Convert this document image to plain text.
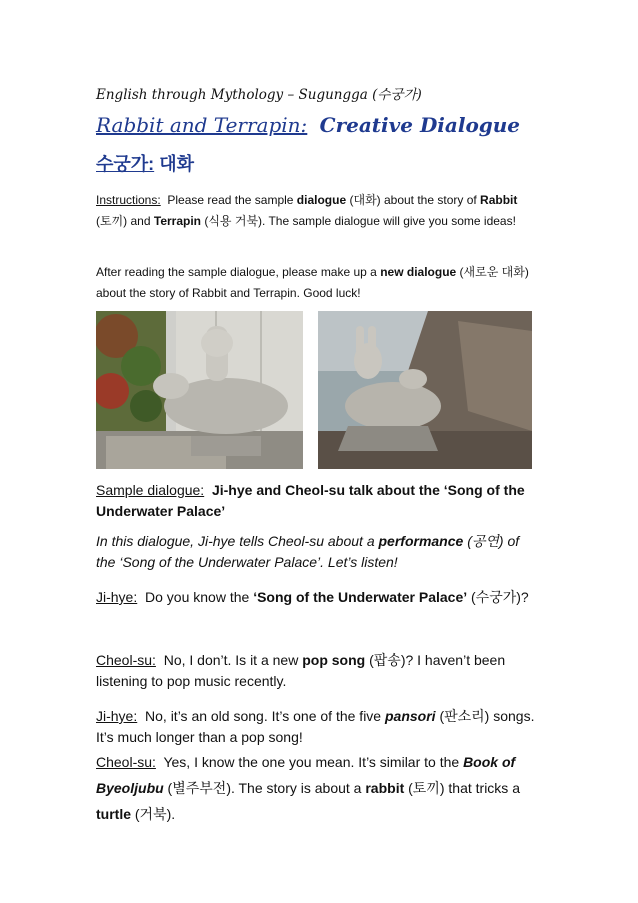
English through Mythology – Sugungga (수궁가)
Rabbit and Terrapin: Creative Dialogue
수궁가: 대화

Instructions: Please read the sample dialogue (대화) about the story of Rabbit (토끼) and Terrapin (식용 거북). The sample dialogue will give you some ideas!

After reading the sample dialogue, please make up a new dialogue (새로운 대화) about the story of Rabbit and Terrapin. Good luck!

Sample dialogue: Ji-hye and Cheol-su talk about the ‘Song of the Underwater Palace’

In this dialogue, Ji-hye tells Cheol-su about a performance (공연) of the ‘Song of the Underwater Palace’. Let’s listen!

Ji-hye: Do you know the ‘Song of the Underwater Palace’ (수궁가)?

Cheol-su: No, I don’t. Is it a new pop song (팝송)? I haven’t been listening to pop music recently.

Ji-hye: No, it’s an old song. It’s one of the five pansori (판소리) songs. It’s much longer than a pop song!

Cheol-su: Yes, I know the one you mean. It’s similar to the Book of Byeoljubu (별주부전). The story is about a rabbit (토끼) that tricks a turtle (거북).
